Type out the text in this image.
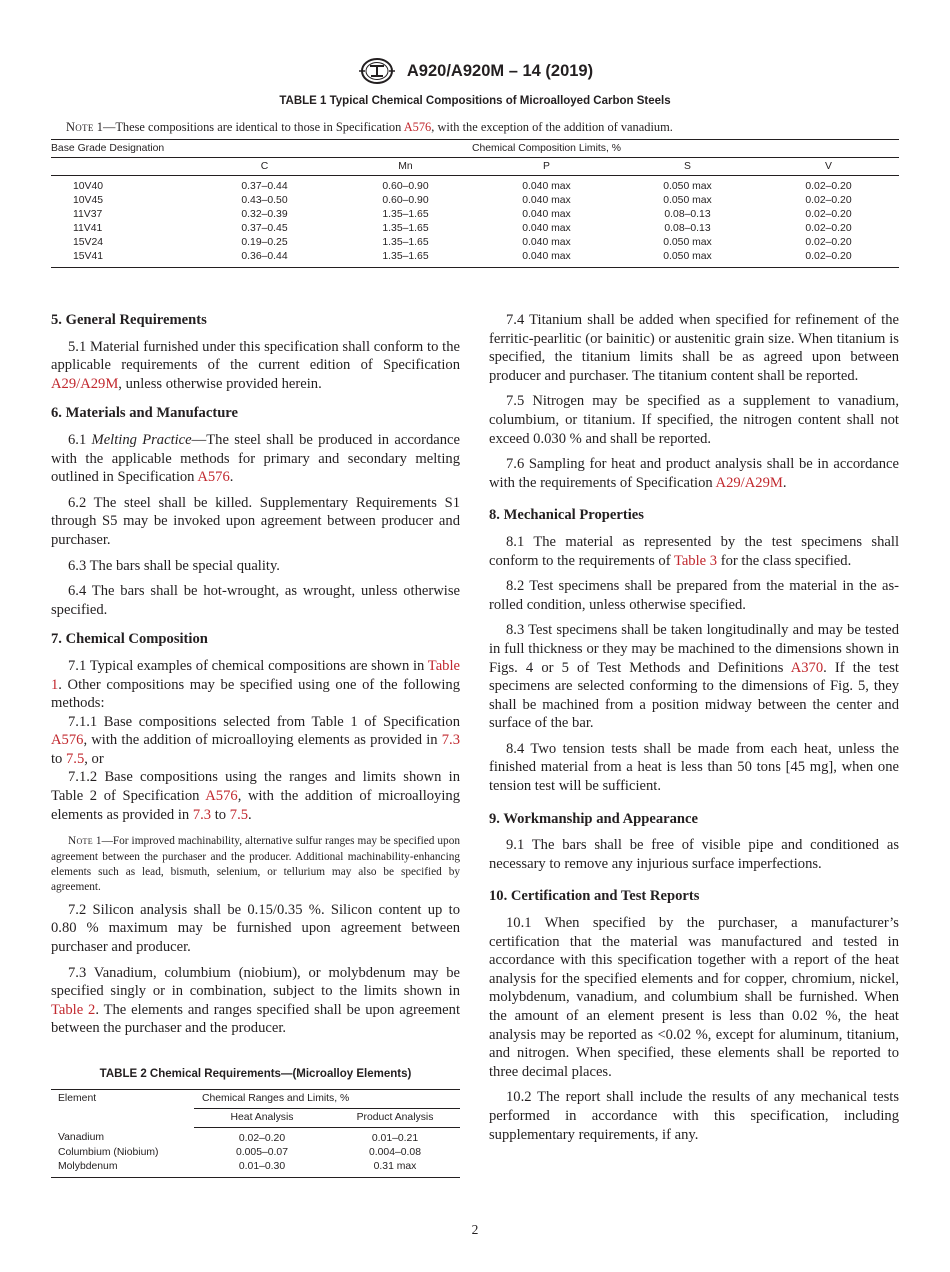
A920/A920M – 14 (2019)
TABLE 1 Typical Chemical Compositions of Microalloyed Carbon Steels
Note 1—These compositions are identical to those in Specification A576, with the exception of the addition of vanadium.
Base Grade Designation	Chemical Composition Limits, %				
	C	Mn	P	S	V
10V40	0.37–0.44	0.60–0.90	0.040 max	0.050 max	0.02–0.20
10V45	0.43–0.50	0.60–0.90	0.040 max	0.050 max	0.02–0.20
11V37	0.32–0.39	1.35–1.65	0.040 max	0.08–0.13	0.02–0.20
11V41	0.37–0.45	1.35–1.65	0.040 max	0.08–0.13	0.02–0.20
15V24	0.19–0.25	1.35–1.65	0.040 max	0.050 max	0.02–0.20
15V41	0.36–0.44	1.35–1.65	0.040 max	0.050 max	0.02–0.20
5. General Requirements

5.1 Material furnished under this specification shall conform to the applicable requirements of the current edition of Specification A29/A29M, unless otherwise provided herein.

6. Materials and Manufacture

6.1 Melting Practice—The steel shall be produced in accordance with the applicable methods for primary and secondary melting outlined in Specification A576.

6.2 The steel shall be killed. Supplementary Requirements S1 through S5 may be invoked upon agreement between producer and purchaser.

6.3 The bars shall be special quality.

6.4 The bars shall be hot-wrought, as wrought, unless otherwise specified.

7. Chemical Composition

7.1 Typical examples of chemical compositions are shown in Table 1. Other compositions may be specified using one of the following methods:

7.1.1 Base compositions selected from Table 1 of Specification A576, with the addition of microalloying elements as provided in 7.3 to 7.5, or

7.1.2 Base compositions using the ranges and limits shown in Table 2 of Specification A576, with the addition of microalloying elements as provided in 7.3 to 7.5.

Note 1—For improved machinability, alternative sulfur ranges may be specified upon agreement between the purchaser and the producer. Additional machinability-enhancing elements such as lead, bismuth, selenium, or tellurium may also be specified by agreement.

7.2 Silicon analysis shall be 0.15/0.35 %. Silicon content up to 0.80 % maximum may be furnished upon agreement between purchaser and producer.

7.3 Vanadium, columbium (niobium), or molybdenum may be specified singly or in combination, subject to the limits shown in Table 2. The elements and ranges specified shall be upon agreement between the purchaser and the producer.

TABLE 2 Chemical Requirements—(Microalloy Elements)
Element	Chemical Ranges and Limits, %	
	Heat Analysis	Product Analysis
Vanadium	0.02–0.20	0.01–0.21
Columbium (Niobium)	0.005–0.07	0.004–0.08
Molybdenum	0.01–0.30	0.31 max

7.4 Titanium shall be added when specified for refinement of the ferritic-pearlitic (or bainitic) or austenitic grain size. When titanium is specified, the titanium limits shall be as agreed upon between producer and purchaser. The titanium content shall be reported.

7.5 Nitrogen may be specified as a supplement to vanadium, columbium, or titanium. If specified, the nitrogen content shall not exceed 0.030 % and shall be reported.

7.6 Sampling for heat and product analysis shall be in accordance with the requirements of Specification A29/A29M.

8. Mechanical Properties

8.1 The material as represented by the test specimens shall conform to the requirements of Table 3 for the class specified.

8.2 Test specimens shall be prepared from the material in the as-rolled condition, unless otherwise specified.

8.3 Test specimens shall be taken longitudinally and may be tested in full thickness or they may be machined to the dimensions shown in Figs. 4 or 5 of Test Methods and Definitions A370. If the test specimens are selected conforming to the dimensions of Fig. 5, they shall be machined from a position midway between the center and surface of the bar.

8.4 Two tension tests shall be made from each heat, unless the finished material from a heat is less than 50 tons [45 mg], when one tension test will be sufficient.

9. Workmanship and Appearance

9.1 The bars shall be free of visible pipe and conditioned as necessary to remove any injurious surface imperfections.

10. Certification and Test Reports

10.1 When specified by the purchaser, a manufacturer’s certification that the material was manufactured and tested in accordance with this specification together with a report of the heat analysis for the specified elements and for copper, chromium, nickel, molybdenum, vanadium, and columbium shall be furnished. When the amount of an element present is less than 0.02 %, the heat analysis may be reported as <0.02 %, except for aluminum, titanium, and nitrogen. When specified, these elements shall be reported to three decimal places.

10.2 The report shall include the results of any mechanical tests performed in accordance with this specification, including supplementary requirements, if any.

2
